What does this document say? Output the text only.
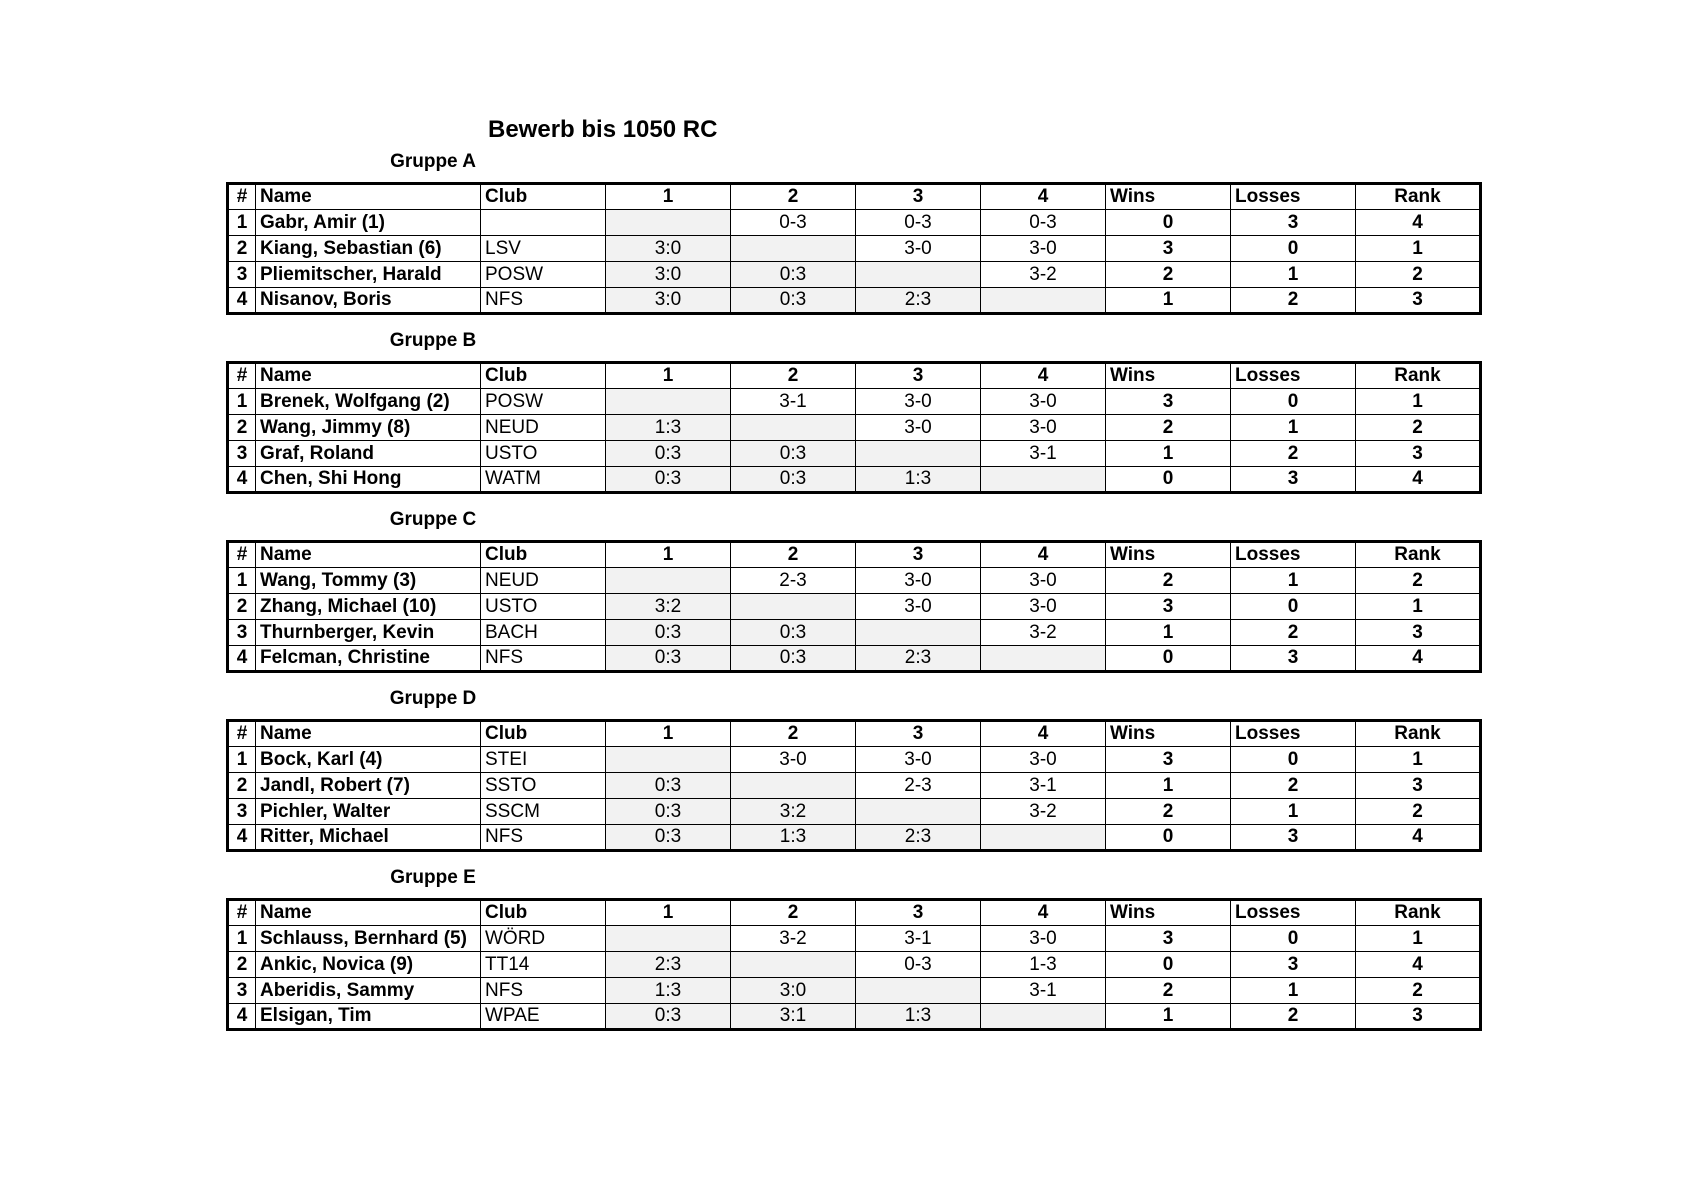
Bewerb bis 1050 RC
Gruppe A
#	Name	Club	1	2	3	4	Wins	Losses	Rank
1	Gabr, Amir (1)			0-3	0-3	0-3	0	3	4
2	Kiang, Sebastian (6)	LSV	3:0		3-0	3-0	3	0	1
3	Pliemitscher, Harald	POSW	3:0	0:3		3-2	2	1	2
4	Nisanov, Boris	NFS	3:0	0:3	2:3		1	2	3
Gruppe B
#	Name	Club	1	2	3	4	Wins	Losses	Rank
1	Brenek, Wolfgang (2)	POSW		3-1	3-0	3-0	3	0	1
2	Wang, Jimmy (8)	NEUD	1:3		3-0	3-0	2	1	2
3	Graf, Roland	USTO	0:3	0:3		3-1	1	2	3
4	Chen, Shi Hong	WATM	0:3	0:3	1:3		0	3	4
Gruppe C
#	Name	Club	1	2	3	4	Wins	Losses	Rank
1	Wang, Tommy (3)	NEUD		2-3	3-0	3-0	2	1	2
2	Zhang, Michael (10)	USTO	3:2		3-0	3-0	3	0	1
3	Thurnberger, Kevin	BACH	0:3	0:3		3-2	1	2	3
4	Felcman, Christine	NFS	0:3	0:3	2:3		0	3	4
Gruppe D
#	Name	Club	1	2	3	4	Wins	Losses	Rank
1	Bock, Karl (4)	STEI		3-0	3-0	3-0	3	0	1
2	Jandl, Robert (7)	SSTO	0:3		2-3	3-1	1	2	3
3	Pichler, Walter	SSCM	0:3	3:2		3-2	2	1	2
4	Ritter, Michael	NFS	0:3	1:3	2:3		0	3	4
Gruppe E
#	Name	Club	1	2	3	4	Wins	Losses	Rank
1	Schlauss, Bernhard (5)	WÖRD		3-2	3-1	3-0	3	0	1
2	Ankic, Novica (9)	TT14	2:3		0-3	1-3	0	3	4
3	Aberidis, Sammy	NFS	1:3	3:0		3-1	2	1	2
4	Elsigan, Tim	WPAE	0:3	3:1	1:3		1	2	3
